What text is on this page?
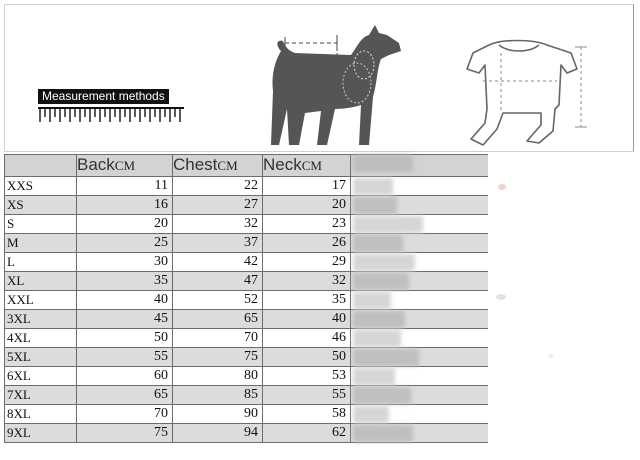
Measurement methods
	BackCM	ChestCM	NeckCM	

XXS	11	22	17	

XS	16	27	20	

S	20	32	23	

M	25	37	26	

L	30	42	29	

XL	35	47	32	

XXL	40	52	35	

3XL	45	65	40	

4XL	50	70	46	

5XL	55	75	50	

6XL	60	80	53	

7XL	65	85	55	

8XL	70	90	58	

9XL	75	94	62	
